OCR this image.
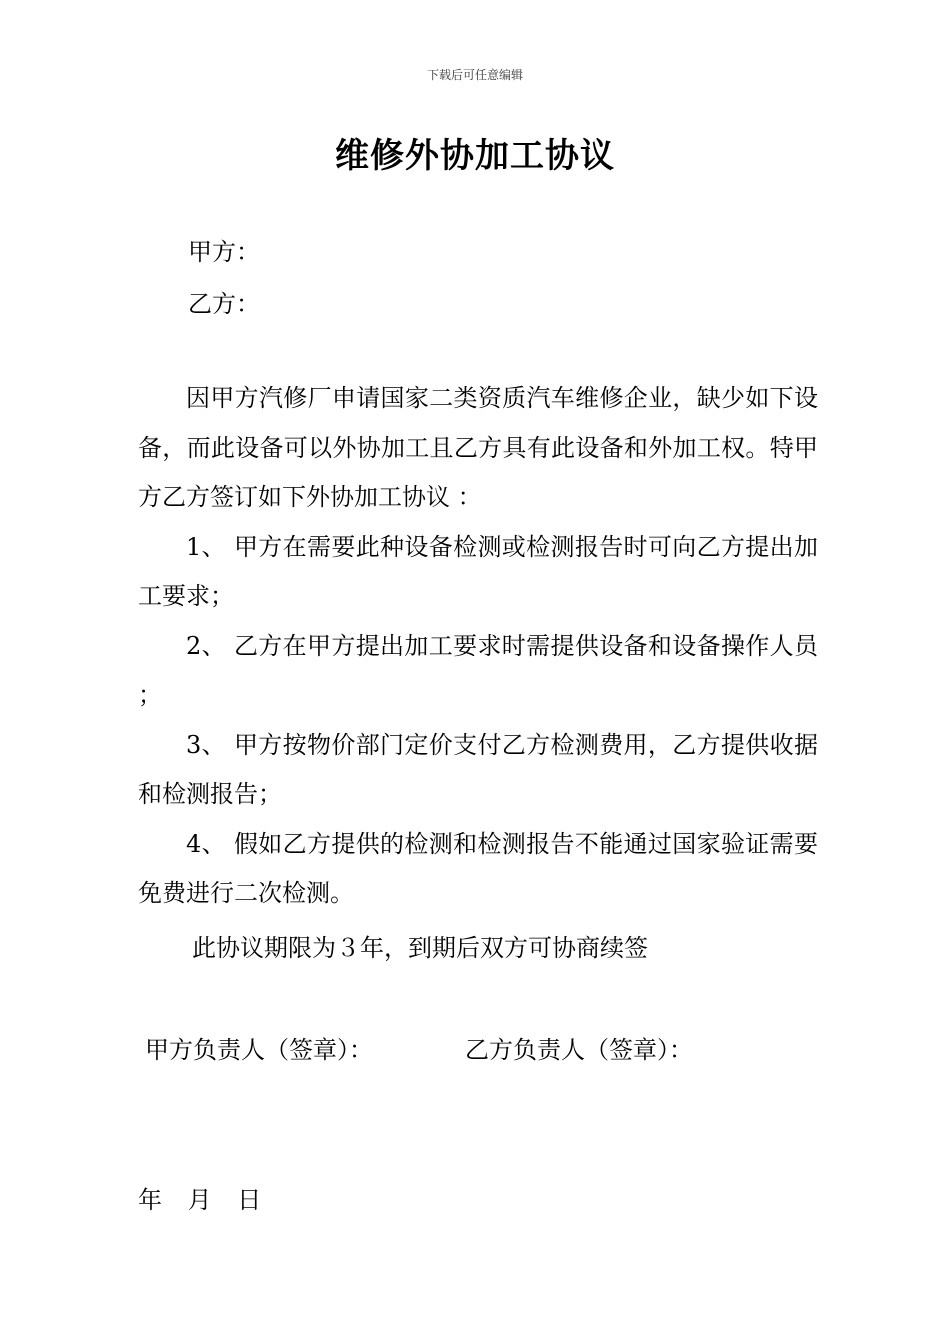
下载后可任意编辑
维修外协加工协议
甲方：
乙方：

因甲方汽修厂申请国家二类资质汽车维修企业，缺少如下设备，而此设备可以外协加工且乙方具有此设备和外加工权。特甲方乙方签订如下外协加工协议 ：

1、 甲方在需要此种设备检测或检测报告时可向乙方提出加工要求；

2、 乙方在甲方提出加工要求时需提供设备和设备操作人员 ；

3、 甲方按物价部门定价支付乙方检测费用，乙方提供收据和检测报告；

4、 假如乙方提供的检测和检测报告不能通过国家验证需要免费进行二次检测。

此协议期限为３年，到期后双方可协商续签
甲方负责人（签章）：	乙方负责人（签章）：
年 月 日
